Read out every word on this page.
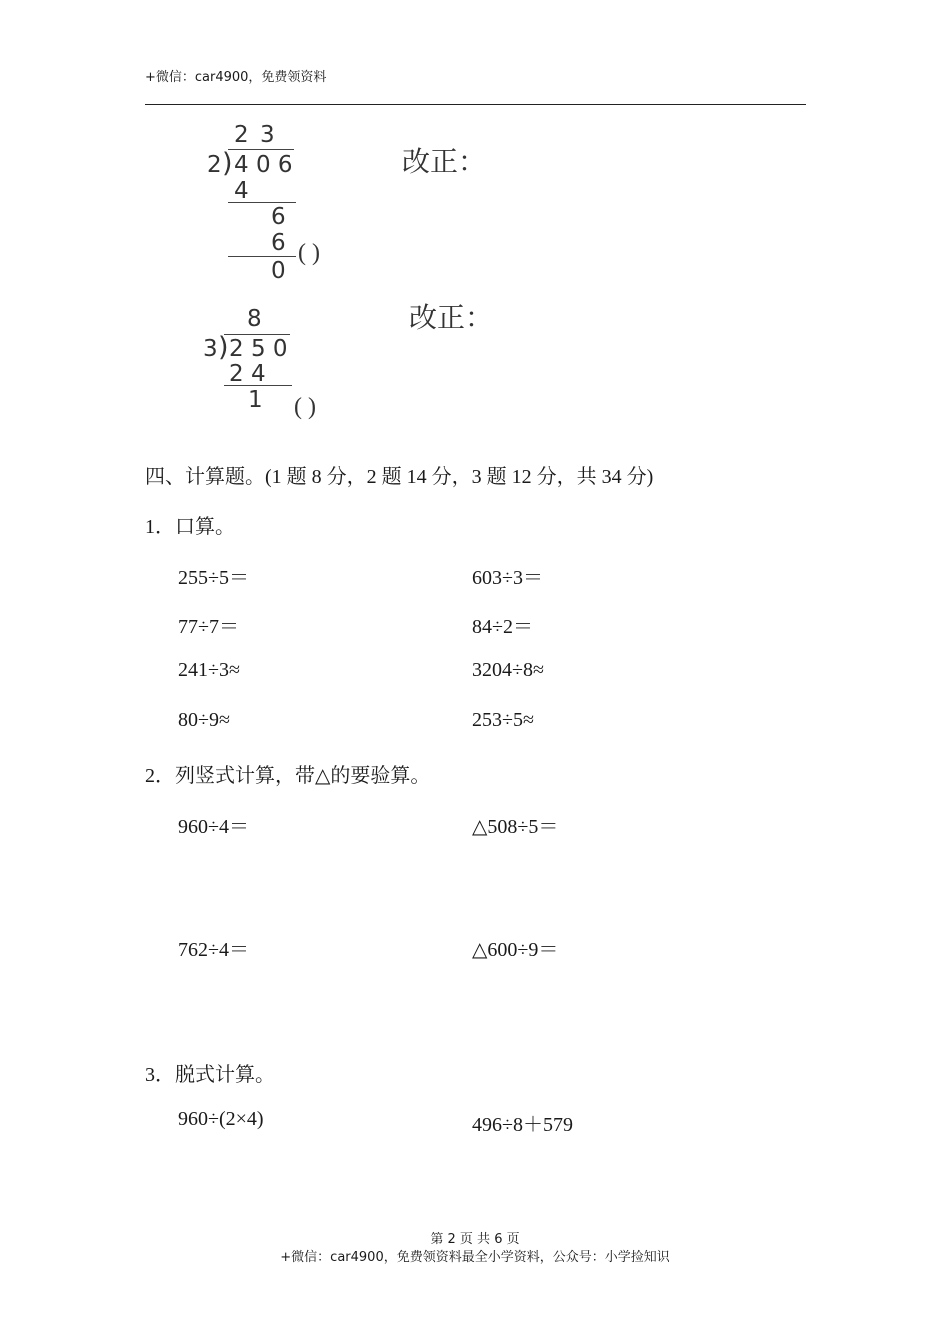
+微信：car4900，免费领资料
2 3
2 ) 4 0 6
4
6
6
0
( )
改正：
8
3 ) 2 5 0
2 4
1 ( )
改正：
四、计算题。(1 题 8 分，2 题 14 分，3 题 12 分，共 34 分)
1．口算。
255÷5＝	603÷3＝
77÷7＝	84÷2＝
241÷3≈	3204÷8≈
80÷9≈	253÷5≈
2．列竖式计算，带△的要验算。
960÷4＝	△508÷5＝
762÷4＝	△600÷9＝
3．脱式计算。
960÷(2×4)	496÷8＋579
第 2 页 共 6 页
+微信：car4900，免费领资料最全小学资料，公众号：小学捡知识
